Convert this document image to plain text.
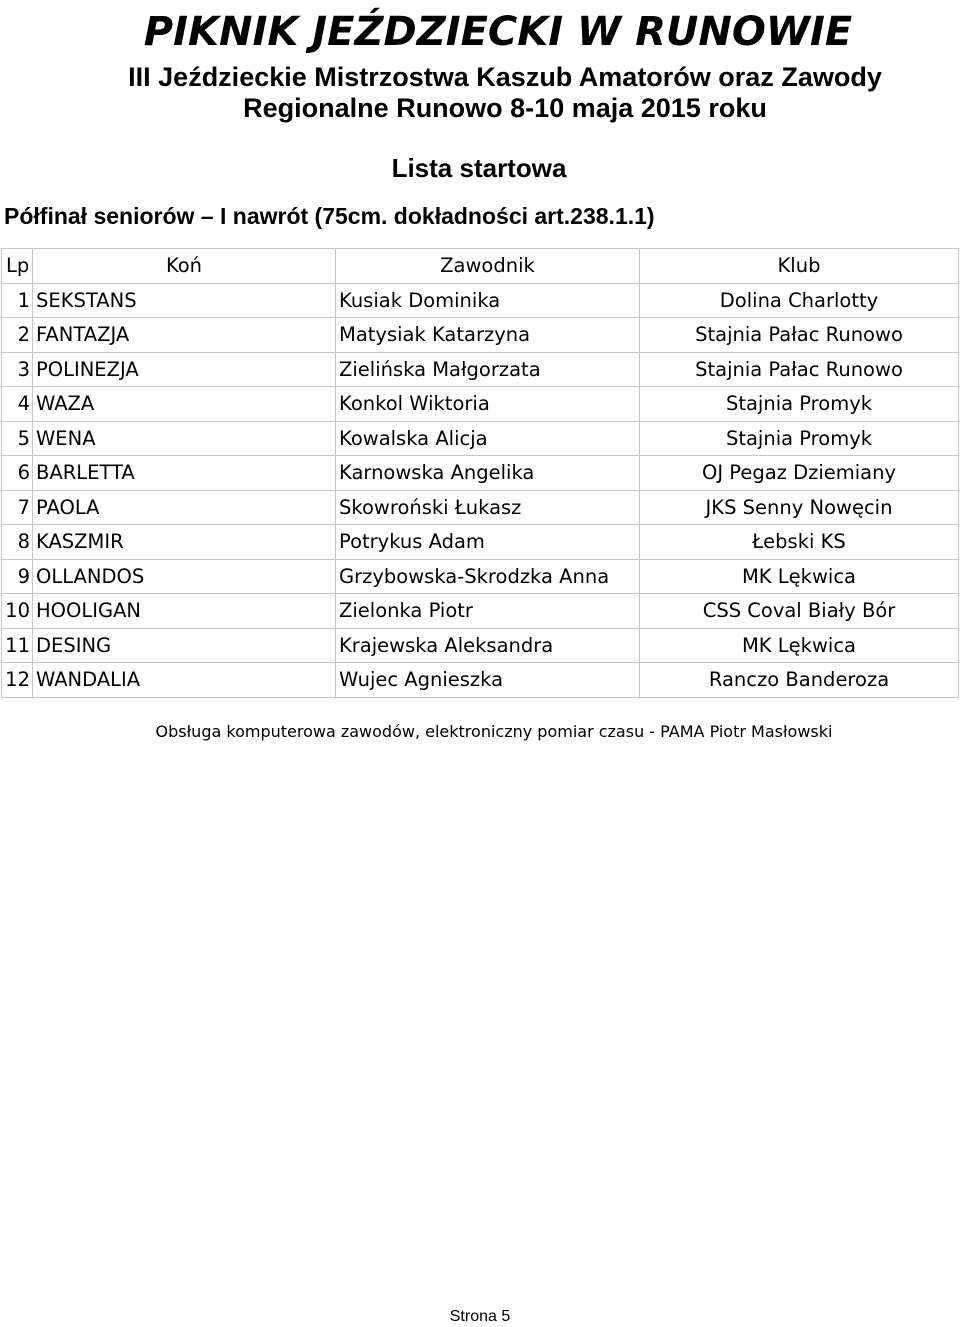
PIKNIK JEŹDZIECKI W RUNOWIE
III Jeździeckie Mistrzostwa Kaszub Amatorów oraz Zawody
Regionalne Runowo 8-10 maja 2015 roku
Lista startowa
Półfinał seniorów – I nawrót (75cm. dokładności art.238.1.1)
Lp	Koń	Zawodnik	Klub
1	SEKSTANS	Kusiak Dominika	Dolina Charlotty
2	FANTAZJA	Matysiak Katarzyna	Stajnia Pałac Runowo
3	POLINEZJA	Zielińska Małgorzata	Stajnia Pałac Runowo
4	WAZA	Konkol Wiktoria	Stajnia Promyk
5	WENA	Kowalska Alicja	Stajnia Promyk
6	BARLETTA	Karnowska Angelika	OJ Pegaz Dziemiany
7	PAOLA	Skowroński Łukasz	JKS Senny Nowęcin
8	KASZMIR	Potrykus Adam	Łebski KS
9	OLLANDOS	Grzybowska-Skrodzka Anna	MK Lękwica
10	HOOLIGAN	Zielonka Piotr	CSS Coval Biały Bór
11	DESING	Krajewska Aleksandra	MK Lękwica
12	WANDALIA	Wujec Agnieszka	Ranczo Banderoza
Obsługa komputerowa zawodów, elektroniczny pomiar czasu - PAMA Piotr Masłowski
Strona 5
